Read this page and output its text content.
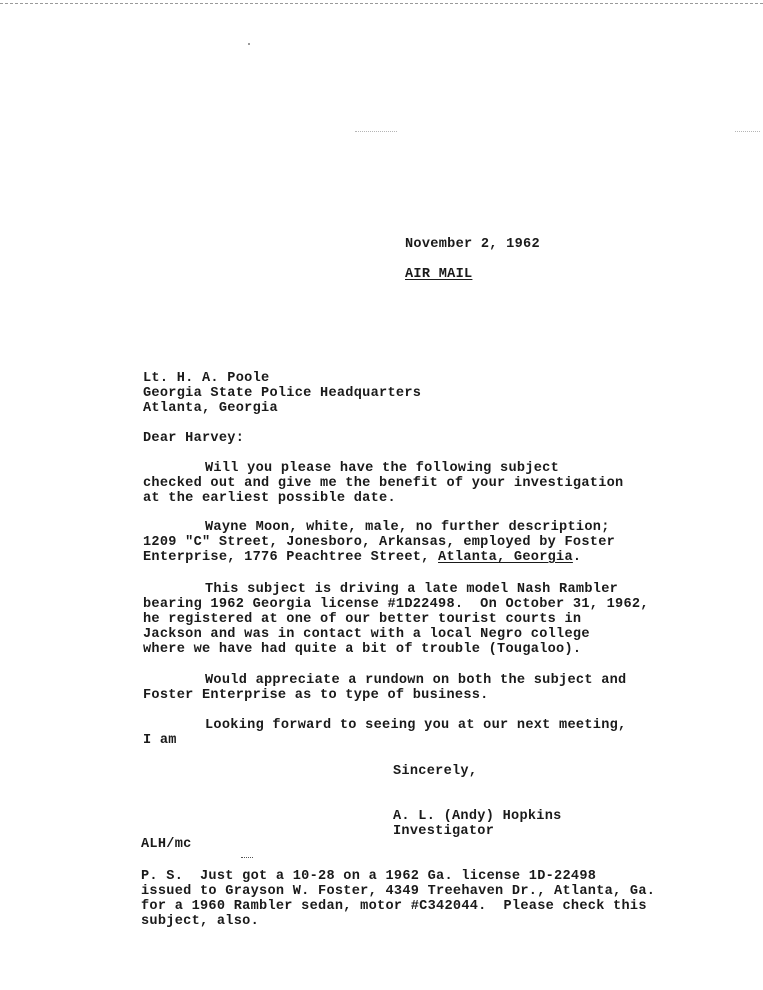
November 2, 1962
AIR MAIL
Lt. H. A. Poole
Georgia State Police Headquarters
Atlanta, Georgia
Dear Harvey:
Will you please have the following subject
checked out and give me the benefit of your investigation
at the earliest possible date.
Wayne Moon, white, male, no further description;
1209 "C" Street, Jonesboro, Arkansas, employed by Foster
Enterprise, 1776 Peachtree Street, Atlanta, Georgia.
This subject is driving a late model Nash Rambler
bearing 1962 Georgia license #1D22498.  On October 31, 1962,
he registered at one of our better tourist courts in
Jackson and was in contact with a local Negro college
where we have had quite a bit of trouble (Tougaloo).
Would appreciate a rundown on both the subject and
Foster Enterprise as to type of business.
Looking forward to seeing you at our next meeting,
I am
Sincerely,
A. L. (Andy) Hopkins
Investigator
ALH/mc
P. S.  Just got a 10-28 on a 1962 Ga. license 1D-22498
issued to Grayson W. Foster, 4349 Treehaven Dr., Atlanta, Ga.
for a 1960 Rambler sedan, motor #C342044.  Please check this
subject, also.
